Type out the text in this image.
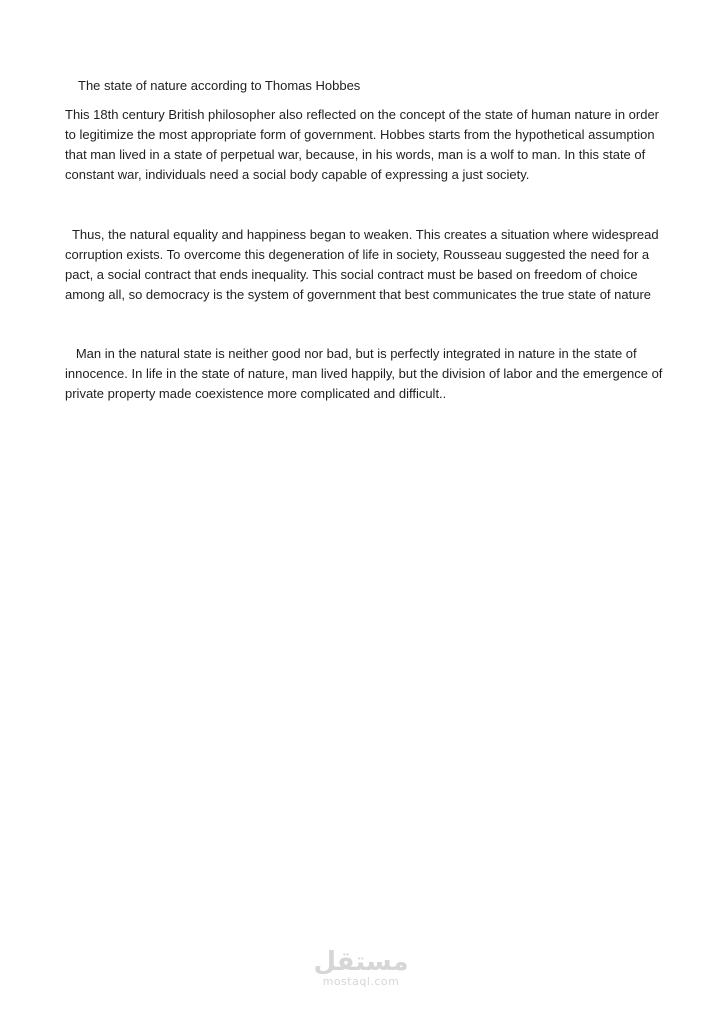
The state of nature according to Thomas Hobbes
This 18th century British philosopher also reflected on the concept of the state of human nature in order
to legitimize the most appropriate form of government. Hobbes starts from the hypothetical assumption
that man lived in a state of perpetual war, because, in his words, man is a wolf to man. In this state of
constant war, individuals need a social body capable of expressing a just society.
Thus, the natural equality and happiness began to weaken. This creates a situation where widespread
corruption exists. To overcome this degeneration of life in society, Rousseau suggested the need for a
pact, a social contract that ends inequality. This social contract must be based on freedom of choice
among all, so democracy is the system of government that best communicates the true state of nature
Man in the natural state is neither good nor bad, but is perfectly integrated in nature in the state of
innocence. In life in the state of nature, man lived happily, but the division of labor and the emergence of
private property made coexistence more complicated and difficult..
مستقل
mostaql.com
